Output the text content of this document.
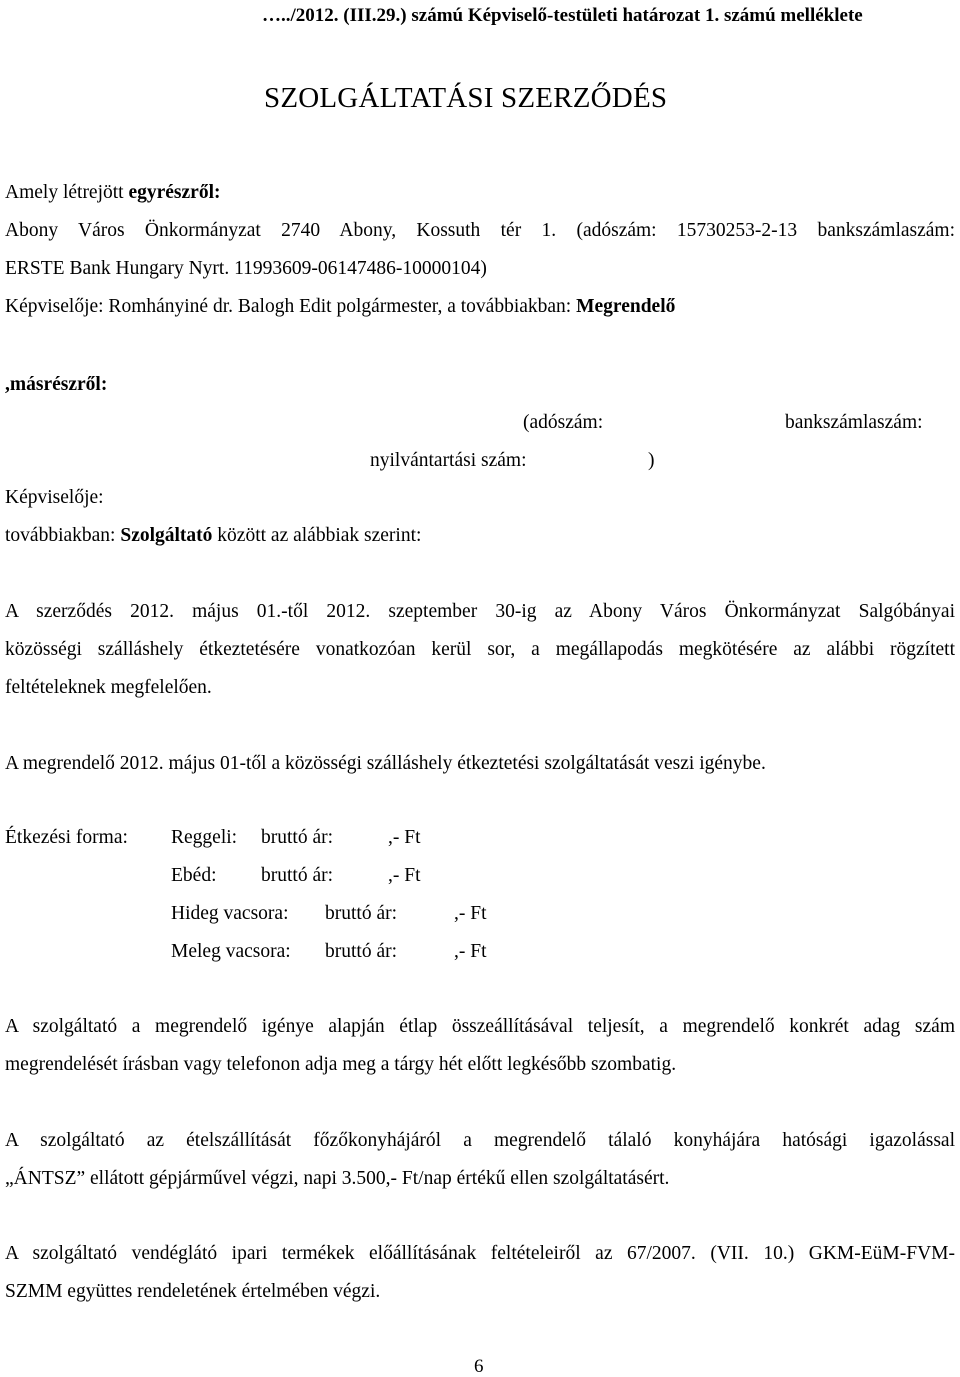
…../2012. (III.29.) számú Képviselő-testületi határozat 1. számú melléklete
SZOLGÁLTATÁSI SZERZŐDÉS
Amely létrejött egyrészről:
Abony Város Önkormányzat 2740 Abony, Kossuth tér 1. (adószám: 15730253-2-13 bankszámlaszám:
ERSTE Bank Hungary Nyrt. 11993609-06147486-10000104)
Képviselője: Romhányiné dr. Balogh Edit polgármester, a továbbiakban: Megrendelő
,másrészről:
(adószám:	bankszámlaszám:
nyilvántartási szám:	)
Képviselője:
továbbiakban: Szolgáltató között az alábbiak szerint:
A szerződés 2012. május 01.-től 2012. szeptember 30-ig az Abony Város Önkormányzat Salgóbányai
közösségi szálláshely étkeztetésére vonatkozóan kerül sor, a megállapodás megkötésére az alábbi rögzített
feltételeknek megfelelően.
A megrendelő 2012. május 01-től a közösségi szálláshely étkeztetési szolgáltatását veszi igénybe.
Étkezési forma: Reggeli: bruttó ár:	,- Ft
Ebéd: bruttó ár:	,- Ft
Hideg vacsora: bruttó ár:	,- Ft
Meleg vacsora: bruttó ár:	,- Ft
A szolgáltató a megrendelő igénye alapján étlap összeállításával teljesít, a megrendelő konkrét adag szám
megrendelését írásban vagy telefonon adja meg a tárgy hét előtt legkésőbb szombatig.
A szolgáltató az ételszállítását főzőkonyhájáról a megrendelő tálaló konyhájára hatósági igazolással
„ÁNTSZ” ellátott gépjárművel végzi, napi 3.500,- Ft/nap értékű ellen szolgáltatásért.
A szolgáltató vendéglátó ipari termékek előállításának feltételeiről az 67/2007. (VII. 10.) GKM-EüM-FVM-
SZMM együttes rendeletének értelmében végzi.
6
